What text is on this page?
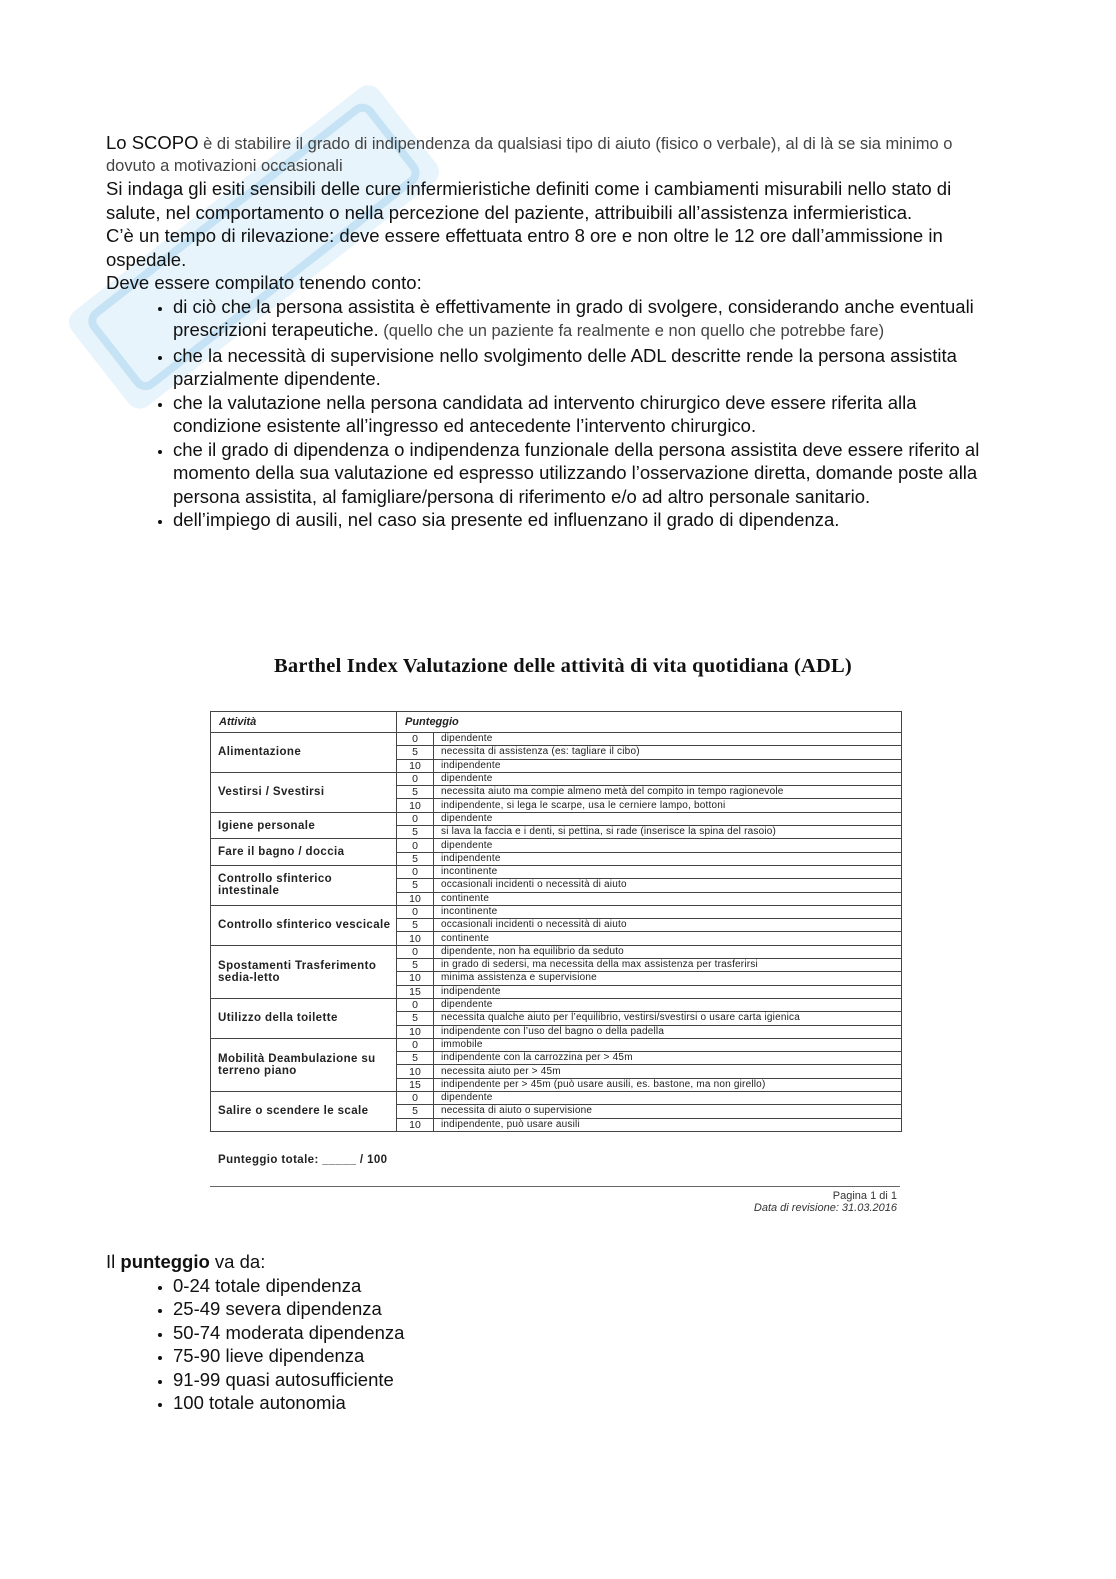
Lo SCOPO è di stabilire il grado di indipendenza da qualsiasi tipo di aiuto (fisico o verbale), al di là se sia minimo o dovuto a motivazioni occasionali

Si indaga gli esiti sensibili delle cure infermieristiche definiti come i cambiamenti misurabili nello stato di salute, nel comportamento o nella percezione del paziente, attribuibili all’assistenza infermieristica.

C’è un tempo di rilevazione: deve essere effettuata entro 8 ore e non oltre le 12 ore dall’ammissione in ospedale.

Deve essere compilato tenendo conto:

• di ciò che la persona assistita è effettivamente in grado di svolgere, considerando anche eventuali prescrizioni terapeutiche. (quello che un paziente fa realmente e non quello che potrebbe fare)
• che la necessità di supervisione nello svolgimento delle ADL descritte rende la persona assistita parzialmente dipendente.
• che la valutazione nella persona candidata ad intervento chirurgico deve essere riferita alla condizione esistente all’ingresso ed antecedente l’intervento chirurgico.
• che il grado di dipendenza o indipendenza funzionale della persona assistita deve essere riferito al momento della sua valutazione ed espresso utilizzando l’osservazione diretta, domande poste alla persona assistita, al famigliare/persona di riferimento e/o ad altro personale sanitario.
• dell’impiego di ausili, nel caso sia presente ed influenzano il grado di dipendenza.

Barthel Index Valutazione delle attività di vita quotidiana (ADL)

Attività	Punteggio	
Alimentazione	0	dipendente
	5	necessita di assistenza (es: tagliare il cibo)
	10	indipendente
Vestirsi / Svestirsi	0	dipendente
	5	necessita aiuto ma compie almeno metà del compito in tempo ragionevole
	10	indipendente, si lega le scarpe, usa le cerniere lampo, bottoni
Igiene personale	0	dipendente
	5	si lava la faccia e i denti, si pettina, si rade (inserisce la spina del rasoio)
Fare il bagno / doccia	0	dipendente
	5	indipendente
Controllo sfinterico intestinale	0	incontinente
	5	occasionali incidenti o necessità di aiuto
	10	continente
Controllo sfinterico vescicale	0	incontinente
	5	occasionali incidenti o necessità di aiuto
	10	continente
Spostamenti Trasferimento sedia-letto	0	dipendente, non ha equilibrio da seduto
	5	in grado di sedersi, ma necessita della max assistenza per trasferirsi
	10	minima assistenza e supervisione
	15	indipendente
Utilizzo della toilette	0	dipendente
	5	necessita qualche aiuto per l’equilibrio, vestirsi/svestirsi o usare carta igienica
	10	indipendente con l’uso del bagno o della padella
Mobilità Deambulazione su terreno piano	0	immobile
	5	indipendente con la carrozzina per > 45m
	10	necessita aiuto per > 45m
	15	indipendente per > 45m (può usare ausili, es. bastone, ma non girello)
Salire o scendere le scale	0	dipendente
	5	necessita di aiuto o supervisione
	10	indipendente, può usare ausili
Punteggio totale: _____ / 100
Pagina 1 di 1
Data di revisione: 31.03.2016

Il punteggio va da:

• 0-24 totale dipendenza
• 25-49 severa dipendenza
• 50-74 moderata dipendenza
• 75-90 lieve dipendenza
• 91-99 quasi autosufficiente
• 100 totale autonomia
